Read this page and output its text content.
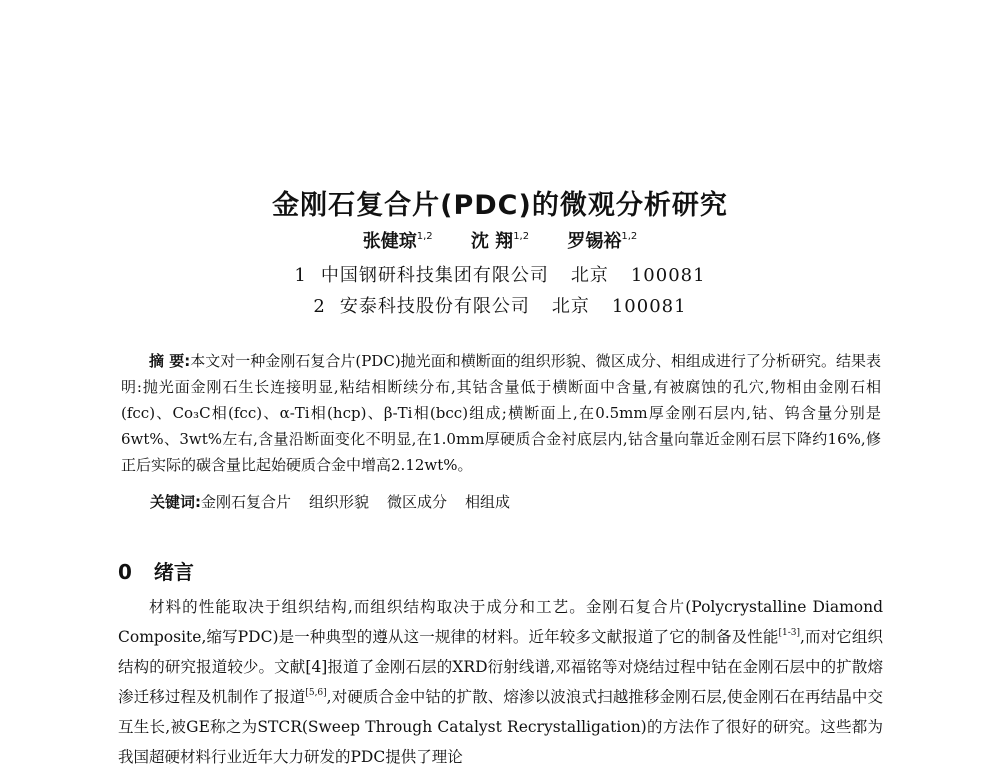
金刚石复合片(PDC)的微观分析研究
张健琼$^{1,2}$ 沈 翔$^{1,2}$ 罗锡裕$^{1,2}$
1 中国钢研科技集团有限公司 北京 100081
2 安泰科技股份有限公司 北京 100081
摘 要:本文对一种金刚石复合片(PDC)抛光面和横断面的组织形貌、微区成分、相组成进行了分析研究。结果表明:抛光面金刚石生长连接明显,粘结相断续分布,其钴含量低于横断面中含量,有被腐蚀的孔穴,物相由金刚石相(fcc)、Co₃C相(fcc)、α-Ti相(hcp)、β-Ti相(bcc)组成;横断面上,在0.5mm厚金刚石层内,钴、钨含量分别是6wt%、3wt%左右,含量沿断面变化不明显,在1.0mm厚硬质合金衬底层内,钴含量向靠近金刚石层下降约16%,修正后实际的碳含量比起始硬质合金中增高2.12wt%。
关键词:金刚石复合片 组织形貌 微区成分 相组成
0 绪言
材料的性能取决于组织结构,而组织结构取决于成分和工艺。金刚石复合片(Polycrystalline Diamond Composite,缩写PDC)是一种典型的遵从这一规律的材料。近年较多文献报道了它的制备及性能[1-3],而对它组织结构的研究报道较少。文献[4]报道了金刚石层的XRD衍射线谱,邓福铭等对烧结过程中钴在金刚石层中的扩散熔渗迁移过程及机制作了报道[5,6],对硬质合金中钴的扩散、熔渗以波浪式扫越推移金刚石层,使金刚石在再结晶中交互生长,被GE称之为STCR(Sweep Through Catalyst Recrystalligation)的方法作了很好的研究。这些都为我国超硬材料行业近年大力研发的PDC提供了理论
